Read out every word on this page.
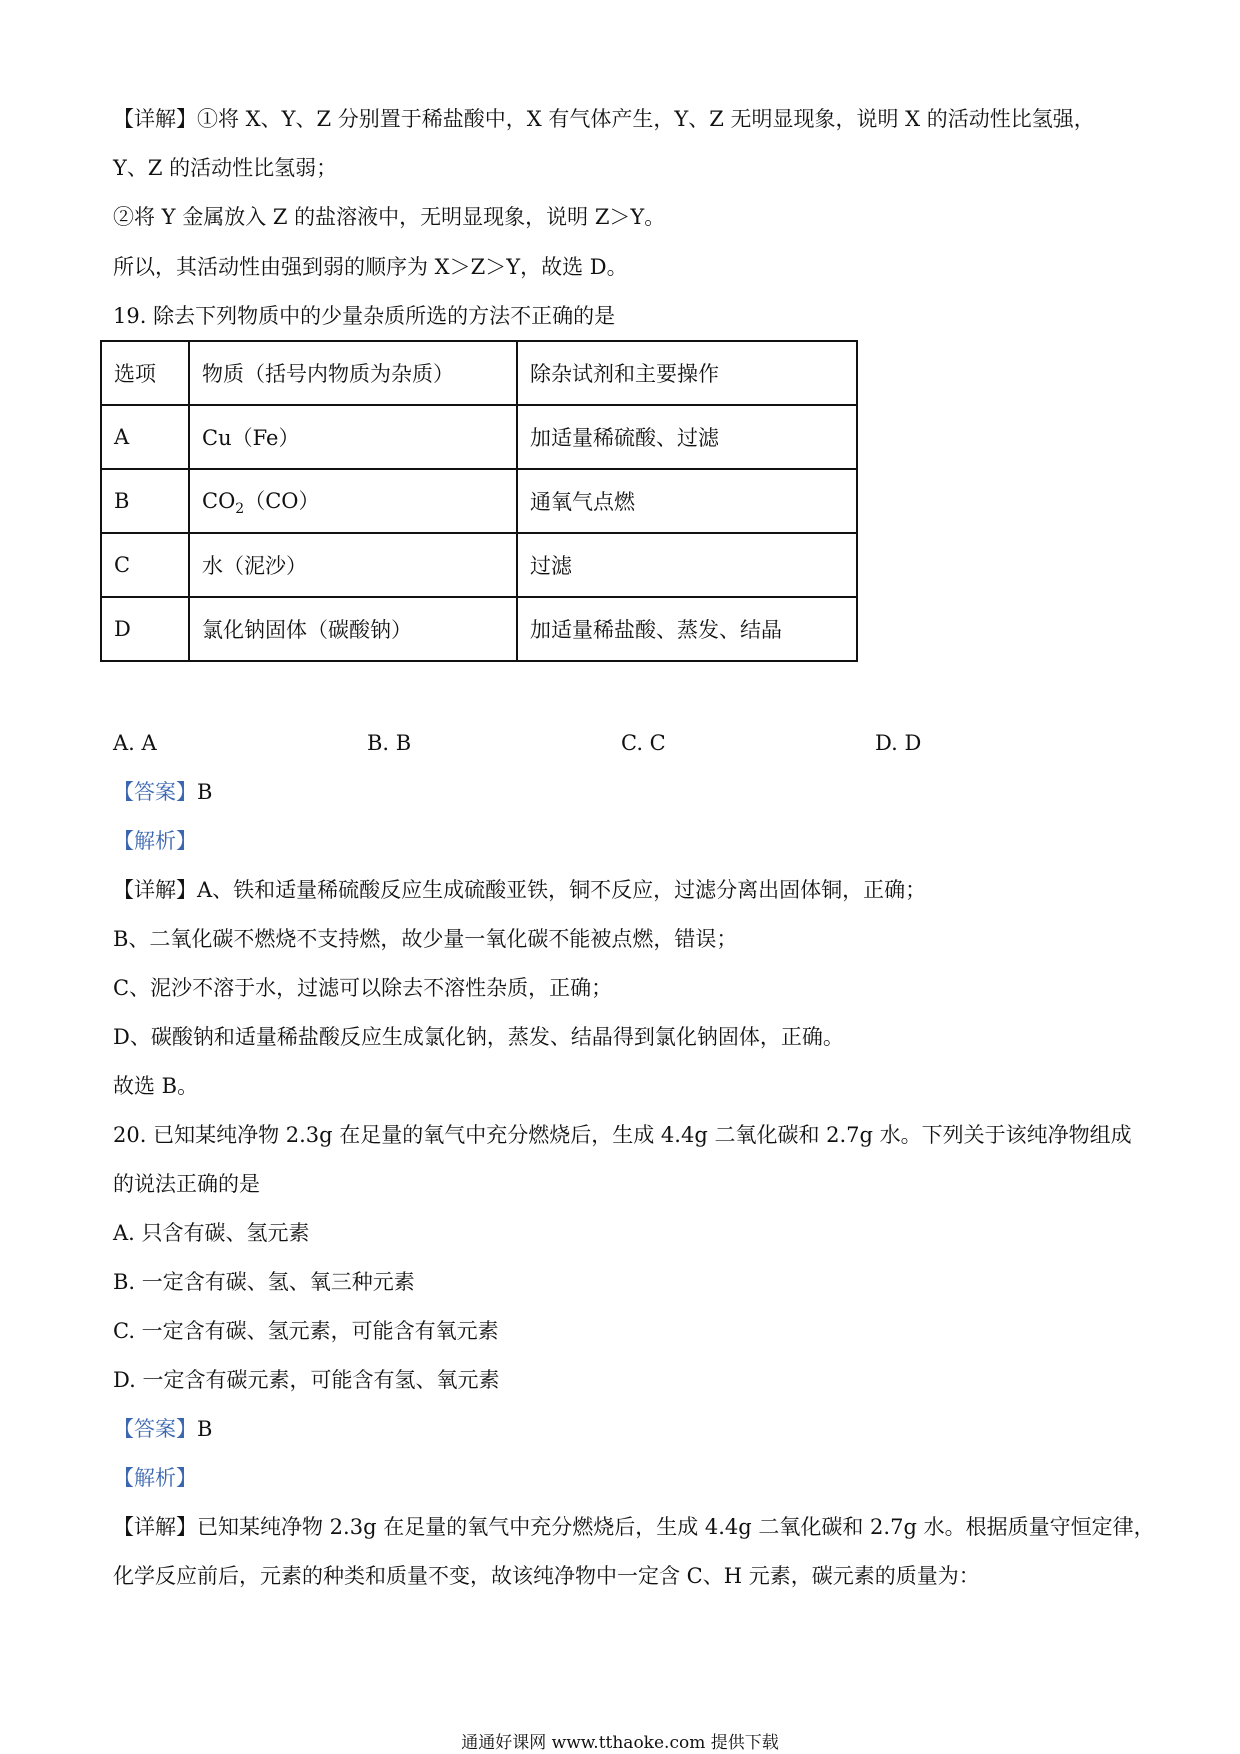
【详解】①将 X、Y、Z 分别置于稀盐酸中，X 有气体产生，Y、Z 无明显现象，说明 X 的活动性比氢强，
Y、Z 的活动性比氢弱；
②将 Y 金属放入 Z 的盐溶液中，无明显现象，说明 Z＞Y。
所以，其活动性由强到弱的顺序为 X＞Z＞Y，故选 D。
19. 除去下列物质中的少量杂质所选的方法不正确的是
选项	物质（括号内物质为杂质）	除杂试剂和主要操作
A	Cu（Fe）	加适量稀硫酸、过滤
B	$CO_2(CO)$	通氧气点燃
C	水（泥沙）	过滤
D	氯化钠固体（碳酸钠）	加适量稀盐酸、蒸发、结晶
A. A	B. B	C. C	D. D
【答案】B
【解析】
【详解】A、铁和适量稀硫酸反应生成硫酸亚铁，铜不反应，过滤分离出固体铜，正确；
B、二氧化碳不燃烧不支持燃，故少量一氧化碳不能被点燃，错误；
C、泥沙不溶于水，过滤可以除去不溶性杂质，正确；
D、碳酸钠和适量稀盐酸反应生成氯化钠，蒸发、结晶得到氯化钠固体，正确。
故选 B。
20. 已知某纯净物 2.3g 在足量的氧气中充分燃烧后，生成 4.4g 二氧化碳和 2.7g 水。下列关于该纯净物组成
的说法正确的是
A. 只含有碳、氢元素
B. 一定含有碳、氢、氧三种元素
C. 一定含有碳、氢元素，可能含有氧元素
D. 一定含有碳元素，可能含有氢、氧元素
【答案】B
【解析】
【详解】已知某纯净物 2.3g 在足量的氧气中充分燃烧后，生成 4.4g 二氧化碳和 2.7g 水。根据质量守恒定律，
化学反应前后，元素的种类和质量不变，故该纯净物中一定含 C、H 元素，碳元素的质量为：
通通好课网 www.tthaoke.com 提供下载
